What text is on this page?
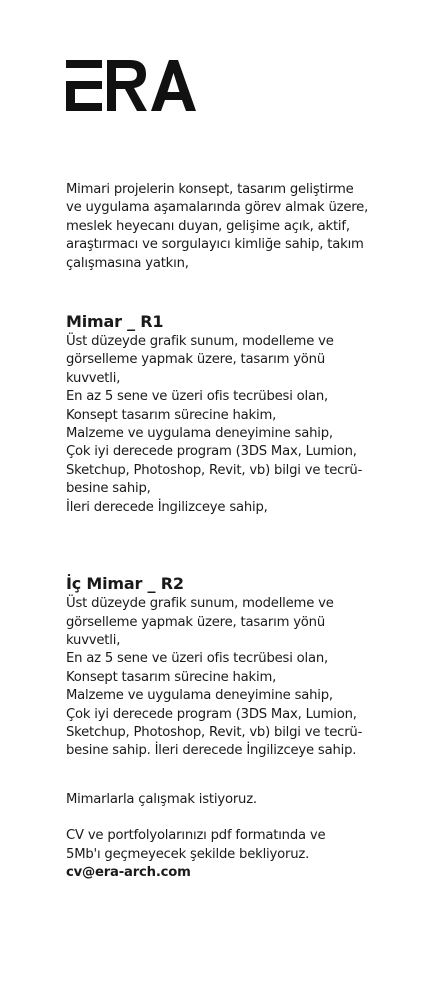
Mimari projelerin konsept, tasarım geliştirme
ve uygulama aşamalarında görev almak üzere,
meslek heyecanı duyan, gelişime açık, aktif,
araştırmacı ve sorgulayıcı kimliğe sahip, takım
çalışmasına yatkın,

Mimar _ R1

Üst düzeyde grafik sunum, modelleme ve
görselleme yapmak üzere, tasarım yönü
kuvvetli,
En az 5 sene ve üzeri ofis tecrübesi olan,
Konsept tasarım sürecine hakim,
Malzeme ve uygulama deneyimine sahip,
Çok iyi derecede program (3DS Max, Lumion,
Sketchup, Photoshop, Revit, vb) bilgi ve tecrü-
besine sahip,
İleri derecede İngilizceye sahip,

İç Mimar _ R2

Üst düzeyde grafik sunum, modelleme ve
görselleme yapmak üzere, tasarım yönü
kuvvetli,
En az 5 sene ve üzeri ofis tecrübesi olan,
Konsept tasarım sürecine hakim,
Malzeme ve uygulama deneyimine sahip,
Çok iyi derecede program (3DS Max, Lumion,
Sketchup, Photoshop, Revit, vb) bilgi ve tecrü-
besine sahip. İleri derecede İngilizceye sahip.

Mimarlarla çalışmak istiyoruz.

CV ve portfolyolarınızı pdf formatında ve
5Mb'ı geçmeyecek şekilde bekliyoruz.
cv@era-arch.com
